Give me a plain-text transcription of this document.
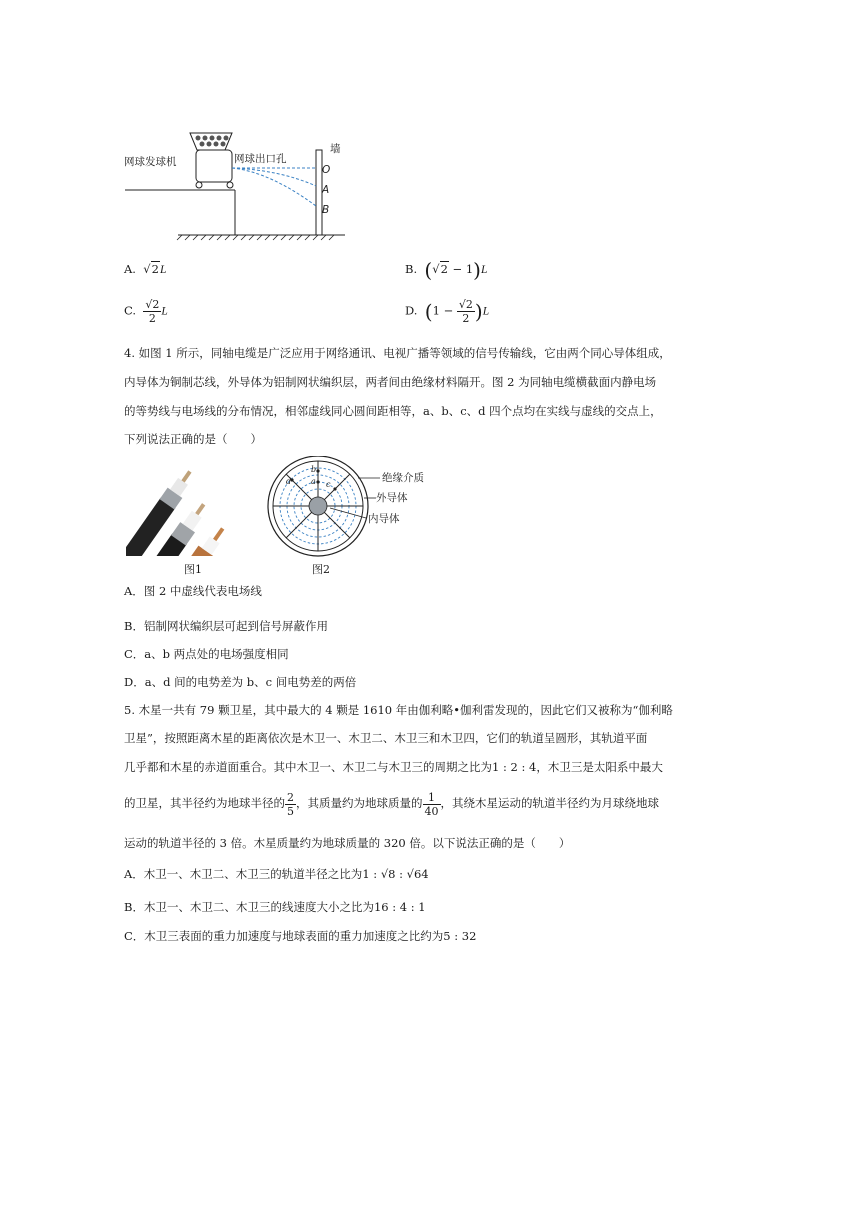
网球发球机	网球出口孔
墙
O
A
B
A. √2L	B. (√2 − 1)L
C. $\frac{√2}{2}$ L	D. $(1 - \frac{√2}{2} )L$
4. 如图 1 所示，同轴电缆是广泛应用于网络通讯、电视广播等领域的信号传输线，它由两个同心导体组成，
内导体为铜制芯线，外导体为铝制网状编织层，两者间由绝缘材料隔开。图 2 为同轴电缆横截面内静电场
的等势线与电场线的分布情况，相邻虚线同心圆间距相等，a、b、c、d 四个点均在实线与虚线的交点上，
下列说法正确的是（　　）
图1
d
b
a c
绝缘介质
外导体
内导体
图2
A．图 2 中虚线代表电场线
B．铝制网状编织层可起到信号屏蔽作用
C．a、b 两点处的电场强度相同
D．a、d 间的电势差为 b、c 间电势差的两倍
5. 木星一共有 79 颗卫星，其中最大的 4 颗是 1610 年由伽利略•伽利雷发现的，因此它们又被称为“伽利略
卫星”，按照距离木星的距离依次是木卫一、木卫二、木卫三和木卫四，它们的轨道呈圆形，其轨道平面
几乎都和木星的赤道面重合。其中木卫一、木卫二与木卫三的周期之比为1 : 2 : 4，木卫三是太阳系中最大
的卫星，其半径约为地球半径的 $\frac{2}{5}$ ，其质量约为地球质量的 $\frac{1}{40}$ ，其绕木星运动的轨道半径约为月球绕地球
运动的轨道半径的 3 倍。木星质量约为地球质量的 320 倍。以下说法正确的是（　　）
A．木卫一、木卫二、木卫三的轨道半径之比为1 : √8 : √64
B．木卫一、木卫二、木卫三的线速度大小之比为16 : 4 : 1
C．木卫三表面的重力加速度与地球表面的重力加速度之比约为5 : 32
